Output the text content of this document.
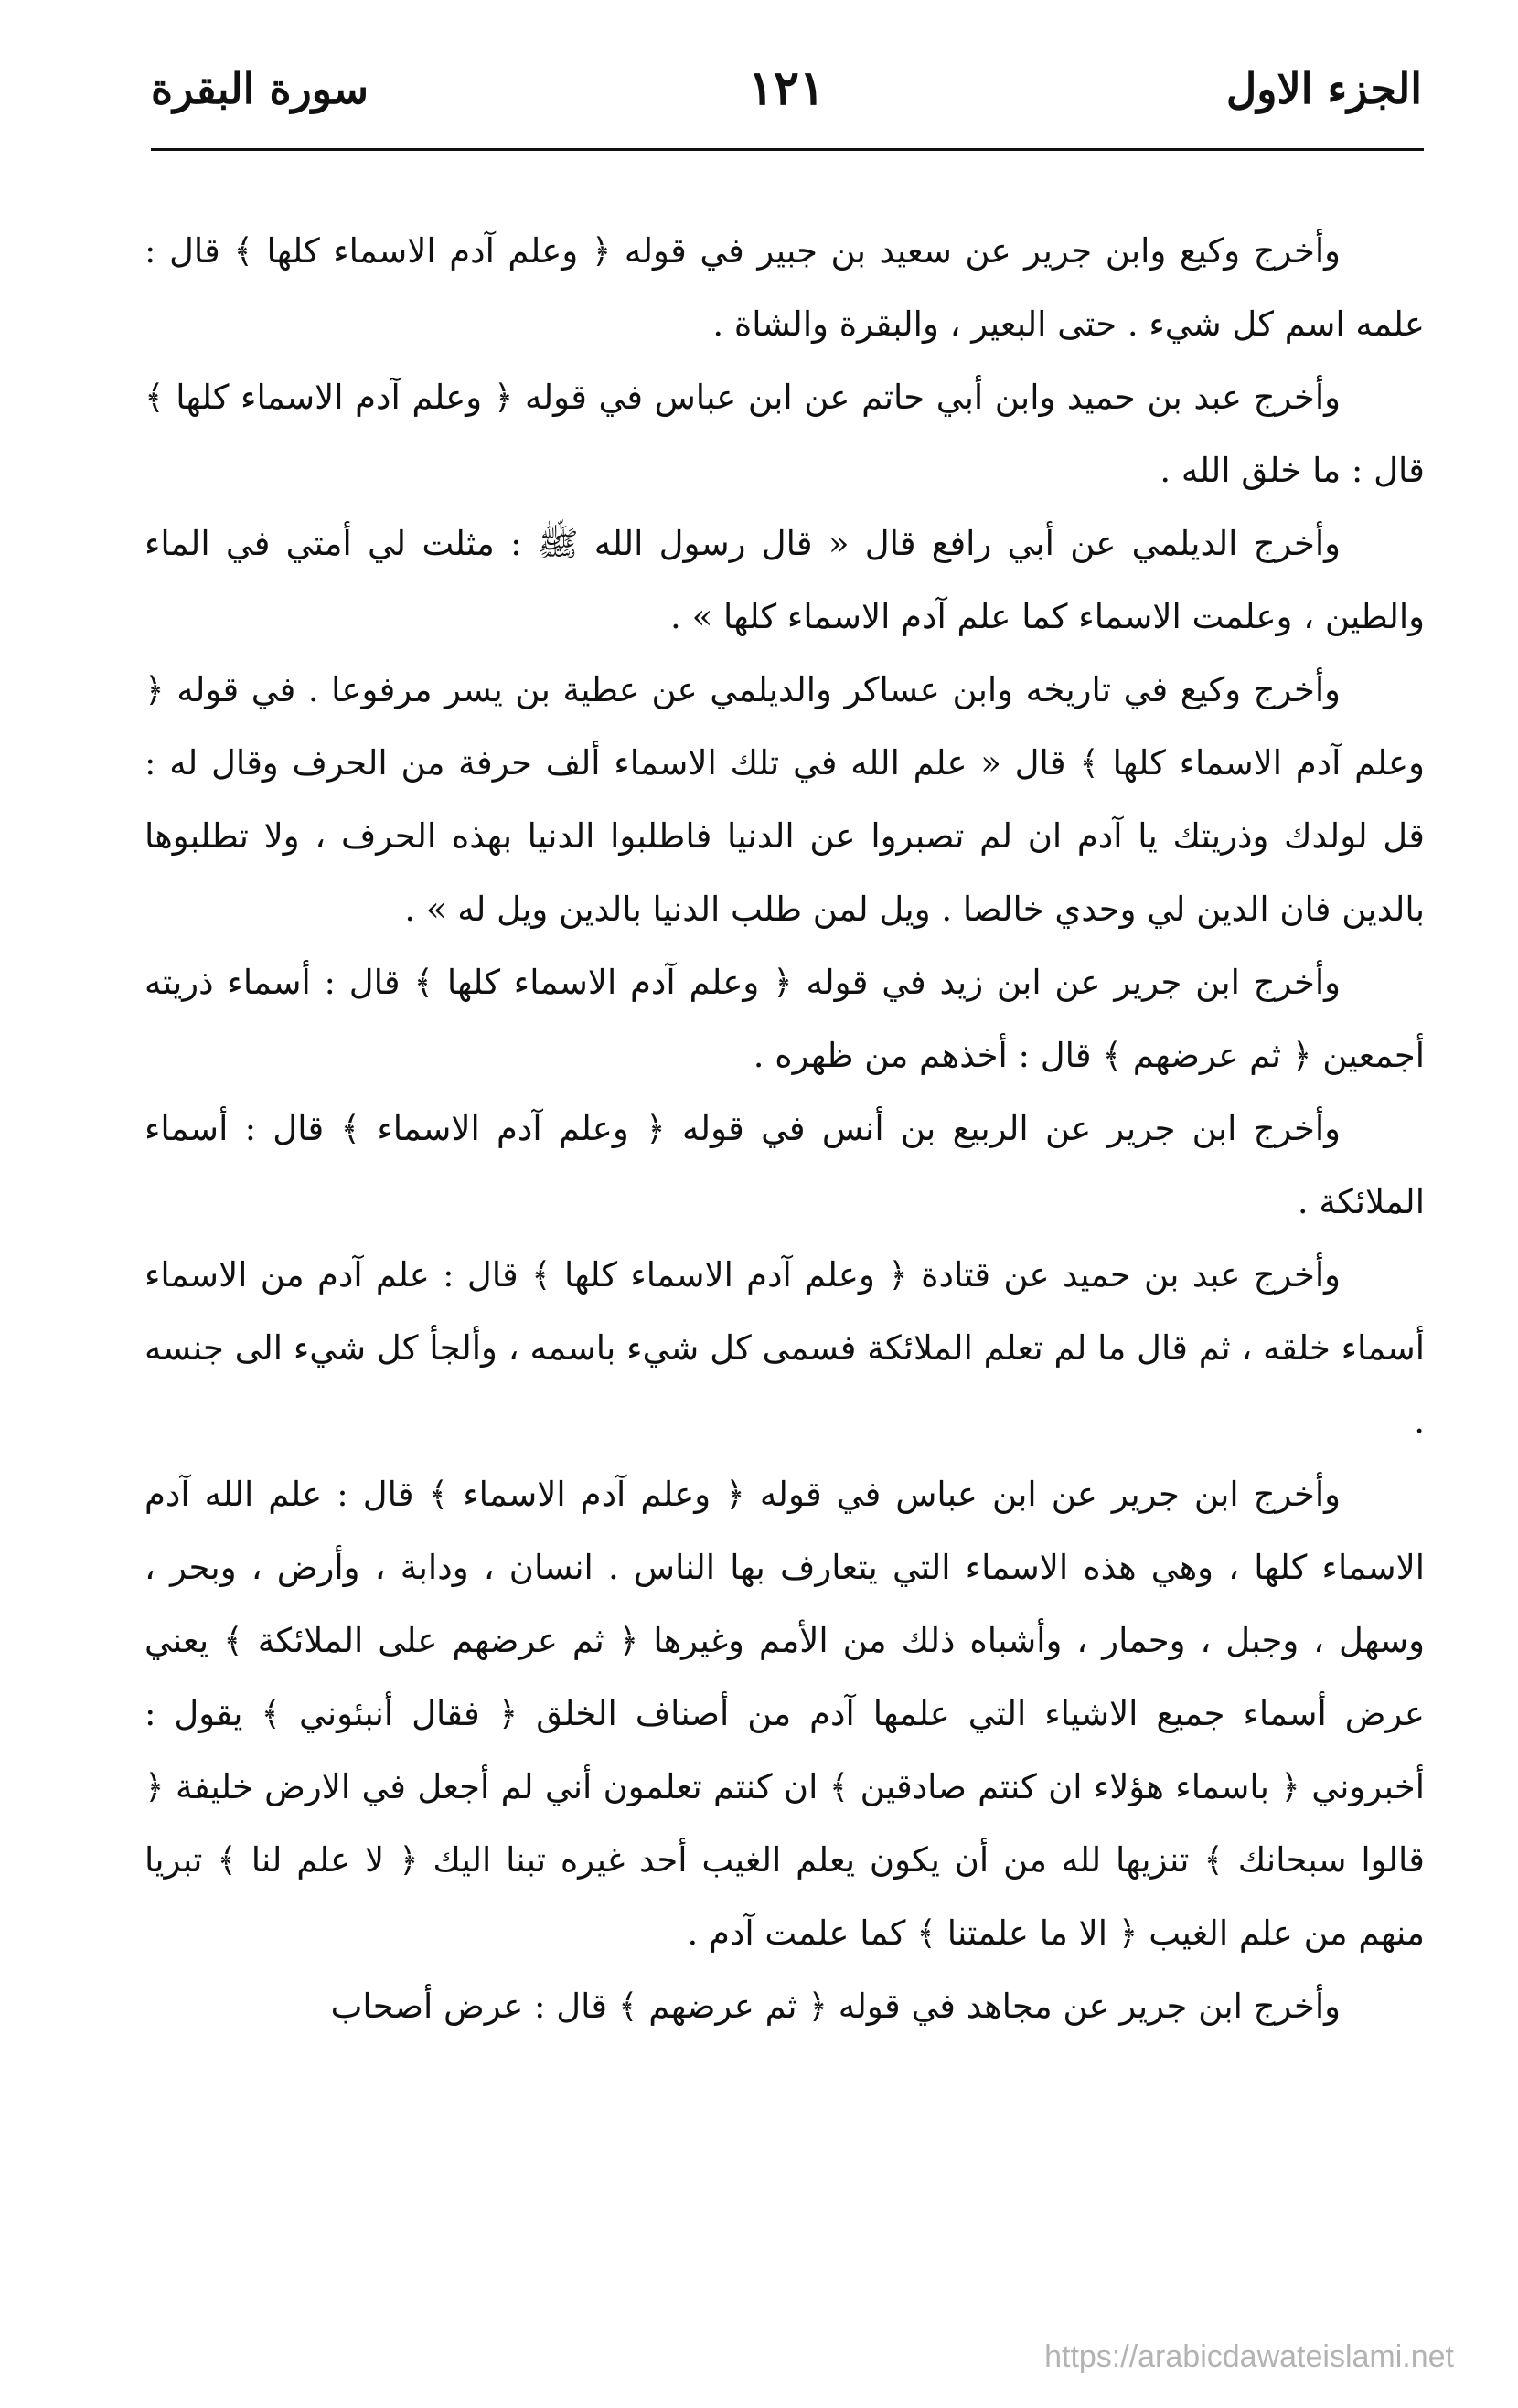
الجزء الاول
١٢١
سورة البقرة

وأخرج وكيع وابن جرير عن سعيد بن جبير في قوله ﴿ وعلم آدم الاسماء كلها ﴾ قال : علمه اسم كل شيء . حتى البعير ، والبقرة والشاة .

وأخرج عبد بن حميد وابن أبي حاتم عن ابن عباس في قوله ﴿ وعلم آدم الاسماء كلها ﴾ قال : ما خلق الله .

وأخرج الديلمي عن أبي رافع قال « قال رسول الله ﷺ : مثلت لي أمتي في الماء والطين ، وعلمت الاسماء كما علم آدم الاسماء كلها » .

وأخرج وكيع في تاريخه وابن عساكر والديلمي عن عطية بن يسر مرفوعا . في قوله ﴿ وعلم آدم الاسماء كلها ﴾ قال « علم الله في تلك الاسماء ألف حرفة من الحرف وقال له : قل لولدك وذريتك يا آدم ان لم تصبروا عن الدنيا فاطلبوا الدنيا بهذه الحرف ، ولا تطلبوها بالدين فان الدين لي وحدي خالصا . ويل لمن طلب الدنيا بالدين ويل له » .

وأخرج ابن جرير عن ابن زيد في قوله ﴿ وعلم آدم الاسماء كلها ﴾ قال : أسماء ذريته أجمعين ﴿ ثم عرضهم ﴾ قال : أخذهم من ظهره .

وأخرج ابن جرير عن الربيع بن أنس في قوله ﴿ وعلم آدم الاسماء ﴾ قال : أسماء الملائكة .

وأخرج عبد بن حميد عن قتادة ﴿ وعلم آدم الاسماء كلها ﴾ قال : علم آدم من الاسماء أسماء خلقه ، ثم قال ما لم تعلم الملائكة فسمى كل شيء باسمه ، وألجأ كل شيء الى جنسه .

وأخرج ابن جرير عن ابن عباس في قوله ﴿ وعلم آدم الاسماء ﴾ قال : علم الله آدم الاسماء كلها ، وهي هذه الاسماء التي يتعارف بها الناس . انسان ، ودابة ، وأرض ، وبحر ، وسهل ، وجبل ، وحمار ، وأشباه ذلك من الأمم وغيرها ﴿ ثم عرضهم على الملائكة ﴾ يعني عرض أسماء جميع الاشياء التي علمها آدم من أصناف الخلق ﴿ فقال أنبئوني ﴾ يقول : أخبروني ﴿ باسماء هؤلاء ان كنتم صادقين ﴾ ان كنتم تعلمون أني لم أجعل في الارض خليفة ﴿ قالوا سبحانك ﴾ تنزيها لله من أن يكون يعلم الغيب أحد غيره تبنا اليك ﴿ لا علم لنا ﴾ تبريا منهم من علم الغيب ﴿ الا ما علمتنا ﴾ كما علمت آدم .

وأخرج ابن جرير عن مجاهد في قوله ﴿ ثم عرضهم ﴾ قال : عرض أصحاب

https://arabicdawateislami.net
